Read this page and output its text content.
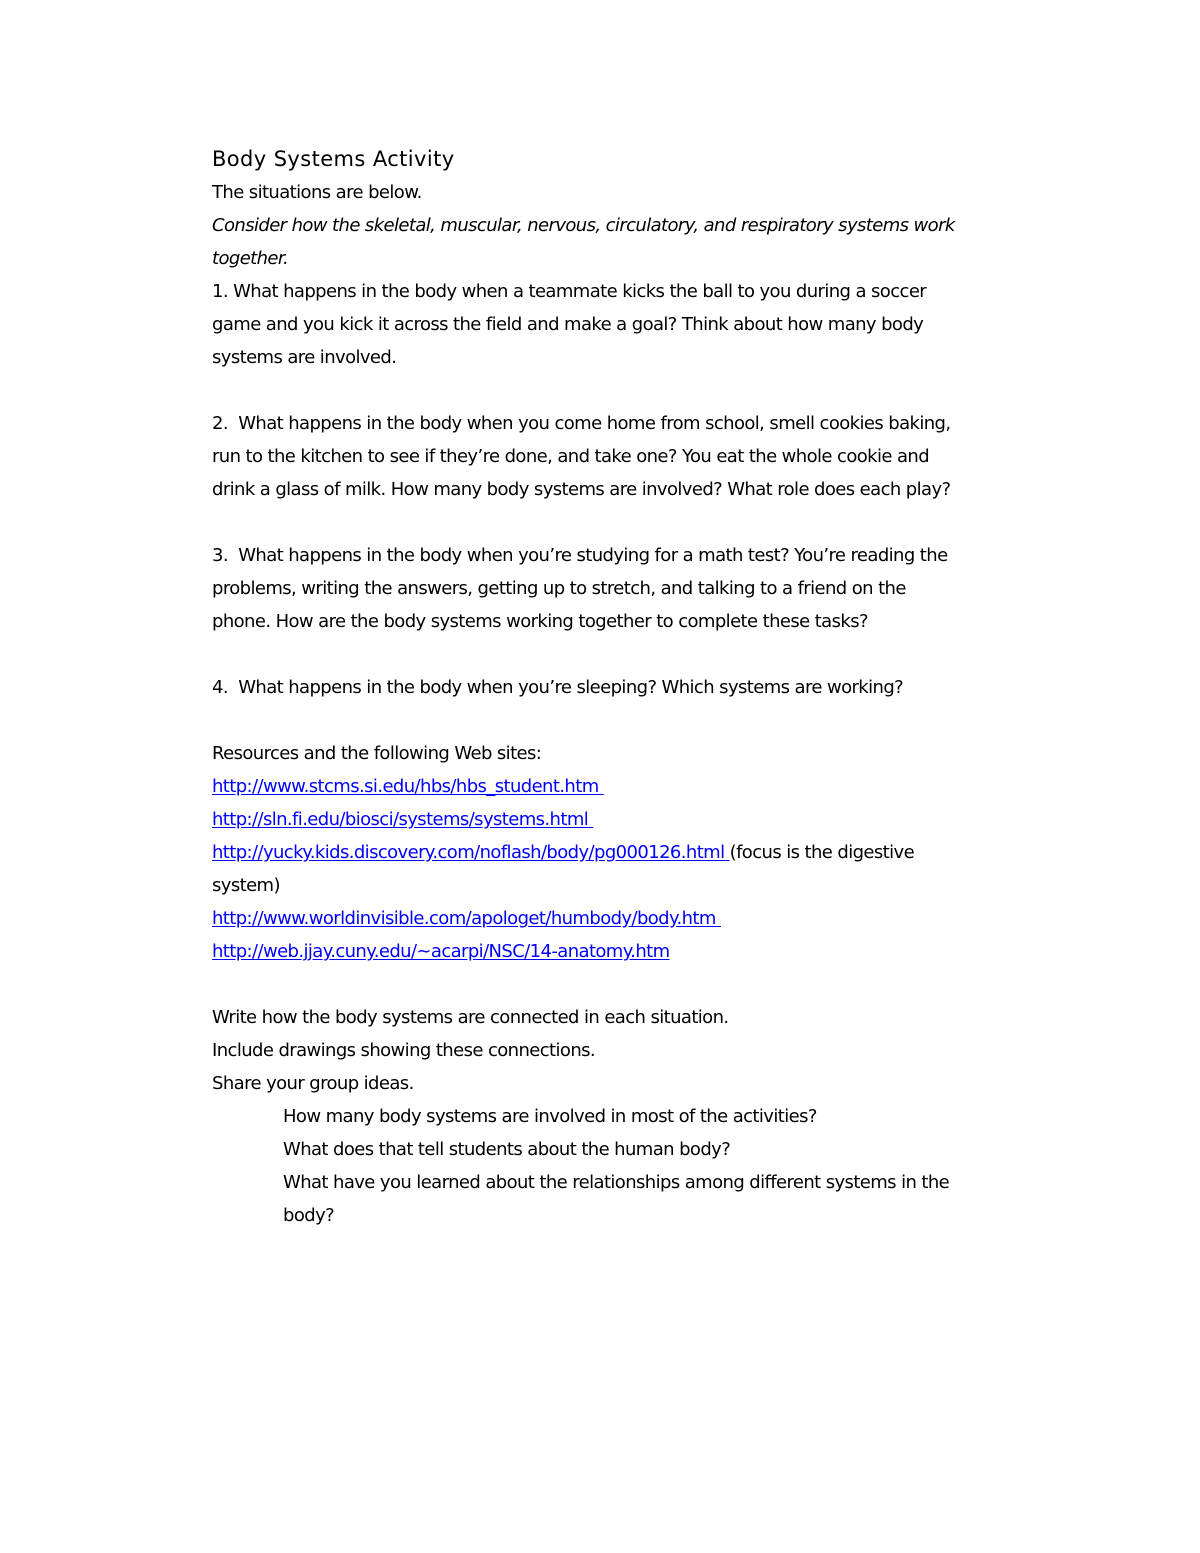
Body Systems Activity

The situations are below.

Consider how the skeletal, muscular, nervous, circulatory, and respiratory systems work

together.

1. What happens in the body when a teammate kicks the ball to you during a soccer

game and you kick it across the field and make a goal? Think about how many body

systems are involved.

2.  What happens in the body when you come home from school, smell cookies baking,

run to the kitchen to see if they’re done, and take one? You eat the whole cookie and

drink a glass of milk. How many body systems are involved? What role does each play?

3.  What happens in the body when you’re studying for a math test? You’re reading the

problems, writing the answers, getting up to stretch, and talking to a friend on the

phone. How are the body systems working together to complete these tasks?

4.  What happens in the body when you’re sleeping? Which systems are working?

Resources and the following Web sites:

http://www.stcms.si.edu/hbs/hbs_student.htm

http://sln.fi.edu/biosci/systems/systems.html

http://yucky.kids.discovery.com/noflash/body/pg000126.html (focus is the digestive

system)

http://www.worldinvisible.com/apologet/humbody/body.htm

http://web.jjay.cuny.edu/~acarpi/NSC/14-anatomy.htm

Write how the body systems are connected in each situation.

Include drawings showing these connections.

Share your group ideas.

How many body systems are involved in most of the activities?

What does that tell students about the human body?

What have you learned about the relationships among different systems in the

body?
